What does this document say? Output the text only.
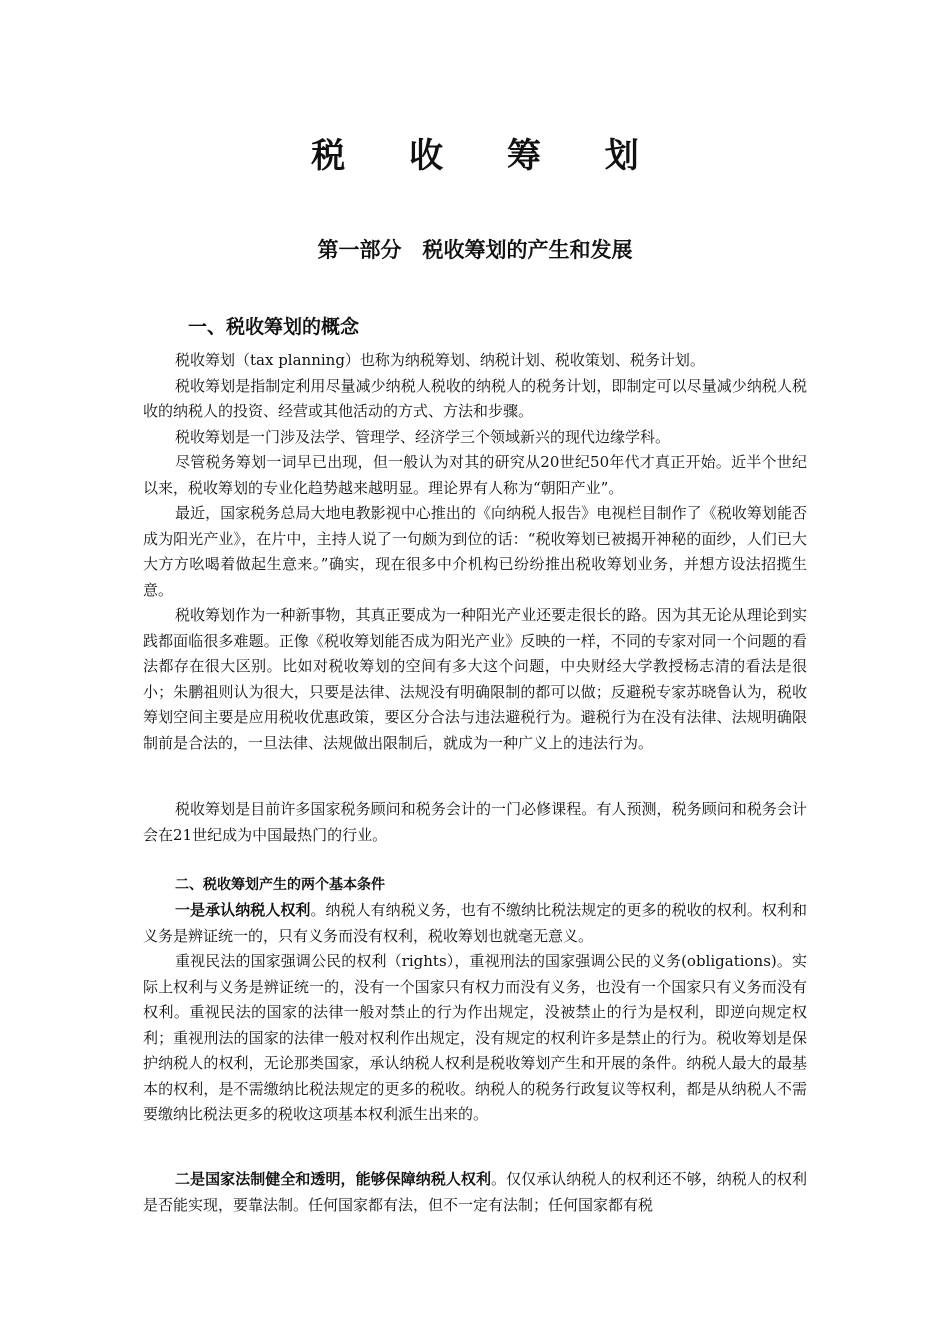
税 收 筹 划
第一部分　税收筹划的产生和发展
一、税收筹划的概念

税收筹划（tax planning）也称为纳税筹划、纳税计划、税收策划、税务计划。

税收筹划是指制定利用尽量减少纳税人税收的纳税人的税务计划，即制定可以尽量减少纳税人税收的纳税人的投资、经营或其他活动的方式、方法和步骤。

税收筹划是一门涉及法学、管理学、经济学三个领域新兴的现代边缘学科。

尽管税务筹划一词早已出现，但一般认为对其的研究从20世纪50年代才真正开始。近半个世纪以来，税收筹划的专业化趋势越来越明显。理论界有人称为“朝阳产业”。

最近，国家税务总局大地电教影视中心推出的《向纳税人报告》电视栏目制作了《税收筹划能否成为阳光产业》，在片中，主持人说了一句颇为到位的话：“税收筹划已被揭开神秘的面纱，人们已大大方方吆喝着做起生意来。”确实，现在很多中介机构已纷纷推出税收筹划业务，并想方设法招揽生意。

税收筹划作为一种新事物，其真正要成为一种阳光产业还要走很长的路。因为其无论从理论到实践都面临很多难题。正像《税收筹划能否成为阳光产业》反映的一样，不同的专家对同一个问题的看法都存在很大区别。比如对税收筹划的空间有多大这个问题，中央财经大学教授杨志清的看法是很小；朱鹏祖则认为很大，只要是法律、法规没有明确限制的都可以做；反避税专家苏晓鲁认为，税收筹划空间主要是应用税收优惠政策，要区分合法与违法避税行为。避税行为在没有法律、法规明确限制前是合法的，一旦法律、法规做出限制后，就成为一种广义上的违法行为。

税收筹划是目前许多国家税务顾问和税务会计的一门必修课程。有人预测，税务顾问和税务会计会在21世纪成为中国最热门的行业。

二、税收筹划产生的两个基本条件

一是承认纳税人权利。纳税人有纳税义务，也有不缴纳比税法规定的更多的税收的权利。权利和义务是辨证统一的，只有义务而没有权利，税收筹划也就毫无意义。

重视民法的国家强调公民的权利（rights），重视刑法的国家强调公民的义务(obligations)。实际上权利与义务是辨证统一的，没有一个国家只有权力而没有义务，也没有一个国家只有义务而没有权利。重视民法的国家的法律一般对禁止的行为作出规定，没被禁止的行为是权利，即逆向规定权利；重视刑法的国家的法律一般对权利作出规定，没有规定的权利许多是禁止的行为。税收筹划是保护纳税人的权利，无论那类国家，承认纳税人权利是税收筹划产生和开展的条件。纳税人最大的最基本的权利，是不需缴纳比税法规定的更多的税收。纳税人的税务行政复议等权利，都是从纳税人不需要缴纳比税法更多的税收这项基本权利派生出来的。

二是国家法制健全和透明，能够保障纳税人权利。仅仅承认纳税人的权利还不够，纳税人的权利是否能实现，要靠法制。任何国家都有法，但不一定有法制；任何国家都有税
